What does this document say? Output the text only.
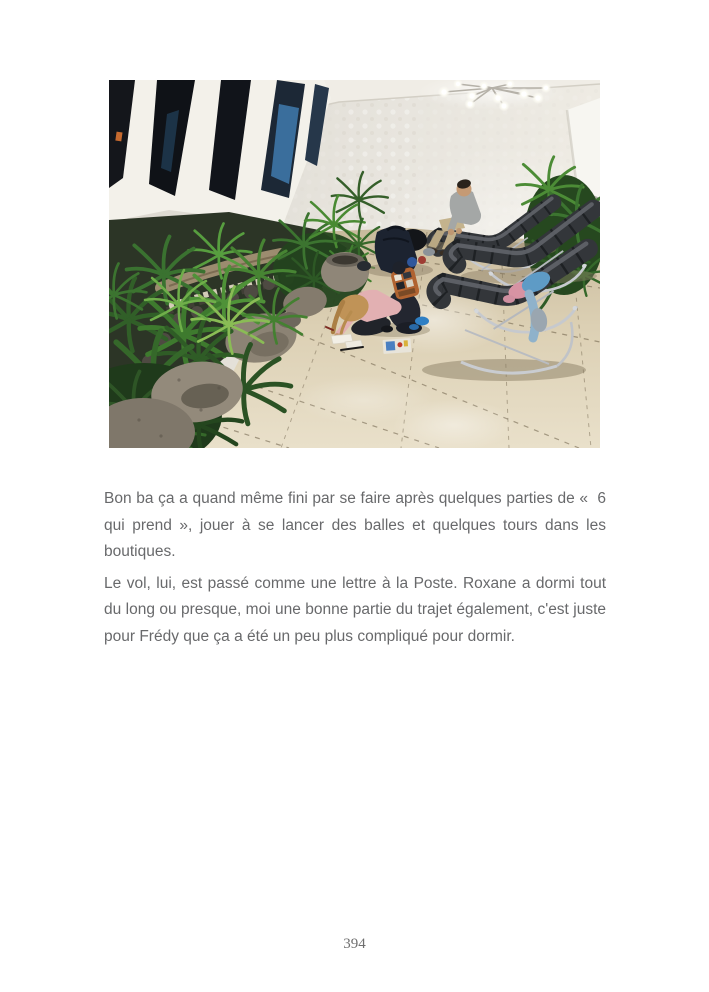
Bon ba ça a quand même fini par se faire après quelques parties de «  6 qui prend », jouer à se lancer des balles et quelques tours dans les boutiques.

Le vol, lui, est passé comme une lettre à la Poste. Roxane a dormi tout du long ou presque, moi une bonne partie du trajet également, c'est juste pour Frédy que ça a été un peu plus compliqué pour dormir.

394
